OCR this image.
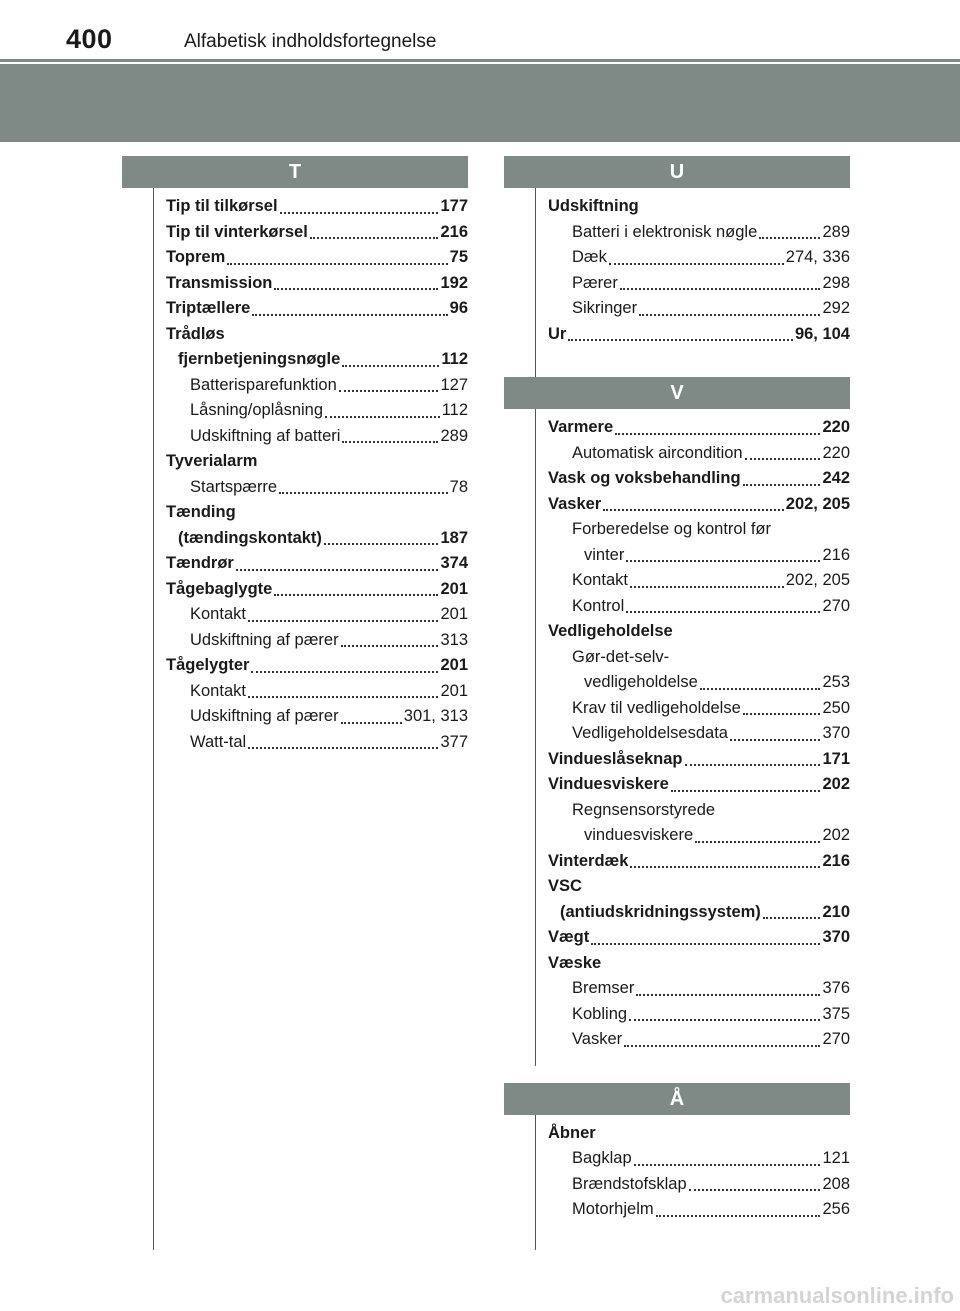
400	Alfabetisk indholdsfortegnelse
T
Tip til tilkørsel	177
Tip til vinterkørsel	216
Toprem	75
Transmission	192
Triptællere	96
Trådløs
fjernbetjeningsnøgle	112
Batterisparefunktion	127
Låsning/oplåsning	112
Udskiftning af batteri	289
Tyverialarm
Startspærre	78
Tænding
(tændingskontakt)	187
Tændrør	374
Tågebaglygte	201
Kontakt	201
Udskiftning af pærer	313
Tågelygter	201
Kontakt	201
Udskiftning af pærer	301, 313
Watt-tal	377
U
Udskiftning
Batteri i elektronisk nøgle	289
Dæk	274, 336
Pærer	298
Sikringer	292
Ur	96, 104
V
Varmere	220
Automatisk aircondition	220
Vask og voksbehandling	242
Vasker	202, 205
Forberedelse og kontrol før
vinter	216
Kontakt	202, 205
Kontrol	270
Vedligeholdelse
Gør-det-selv-
vedligeholdelse	253
Krav til vedligeholdelse	250
Vedligeholdelsesdata	370
Vindueslåseknap	171
Vinduesviskere	202
Regnsensorstyrede
vinduesviskere	202
Vinterdæk	216
VSC
(antiudskridningssystem)	210
Vægt	370
Væske
Bremser	376
Kobling	375
Vasker	270
Å
Åbner
Bagklap	121
Brændstofsklap	208
Motorhjelm	256
carmanualsonline.info
